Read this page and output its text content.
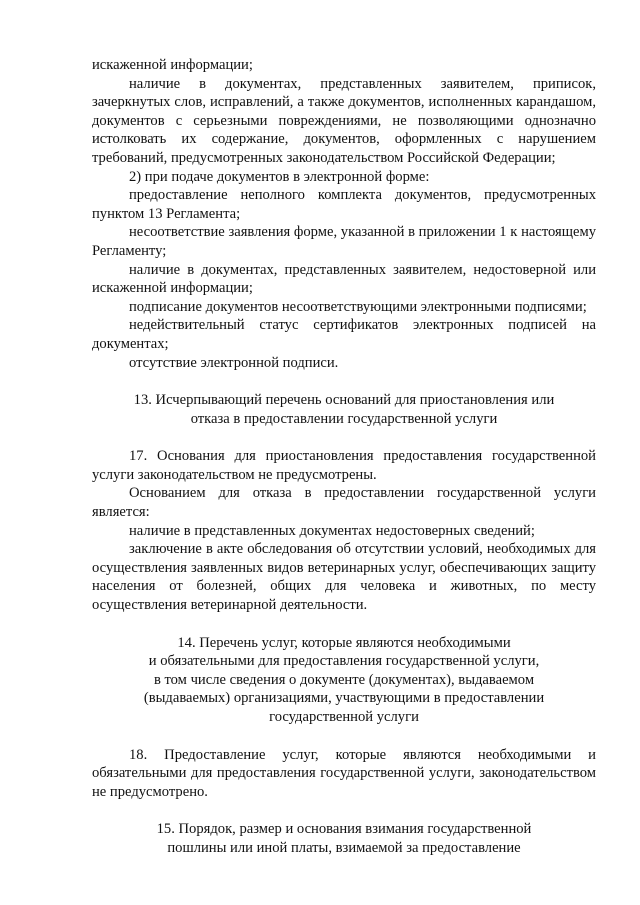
искаженной информации;

наличие в документах, представленных заявителем, приписок, зачеркнутых слов, исправлений, а также документов, исполненных карандашом, документов с серьезными повреждениями, не позволяющими однозначно истолковать их содержание, документов, оформленных с нарушением требований, предусмотренных законодательством Российской Федерации;

2) при подаче документов в электронной форме:

предоставление неполного комплекта документов, предусмотренных пунктом 13 Регламента;

несоответствие заявления форме, указанной в приложении 1 к настоящему Регламенту;

наличие в документах, представленных заявителем, недостоверной или искаженной информации;

подписание документов несоответствующими электронными подписями;

недействительный статус сертификатов электронных подписей на документах;

отсутствие электронной подписи.

13. Исчерпывающий перечень оснований для приостановления или

отказа в предоставлении государственной услуги

17. Основания для приостановления предоставления государственной услуги законодательством не предусмотрены.

Основанием для отказа в предоставлении государственной услуги является:

наличие в представленных документах недостоверных сведений;

заключение в акте обследования об отсутствии условий, необходимых для осуществления заявленных видов ветеринарных услуг, обеспечивающих защиту населения от болезней, общих для человека и животных, по месту осуществления ветеринарной деятельности.

14. Перечень услуг, которые являются необходимыми

и обязательными для предоставления государственной услуги,

в том числе сведения о документе (документах), выдаваемом

(выдаваемых) организациями, участвующими в предоставлении

государственной услуги

18. Предоставление услуг, которые являются необходимыми и обязательными для предоставления государственной услуги, законодательством не предусмотрено.

15. Порядок, размер и основания взимания государственной

пошлины или иной платы, взимаемой за предоставление
